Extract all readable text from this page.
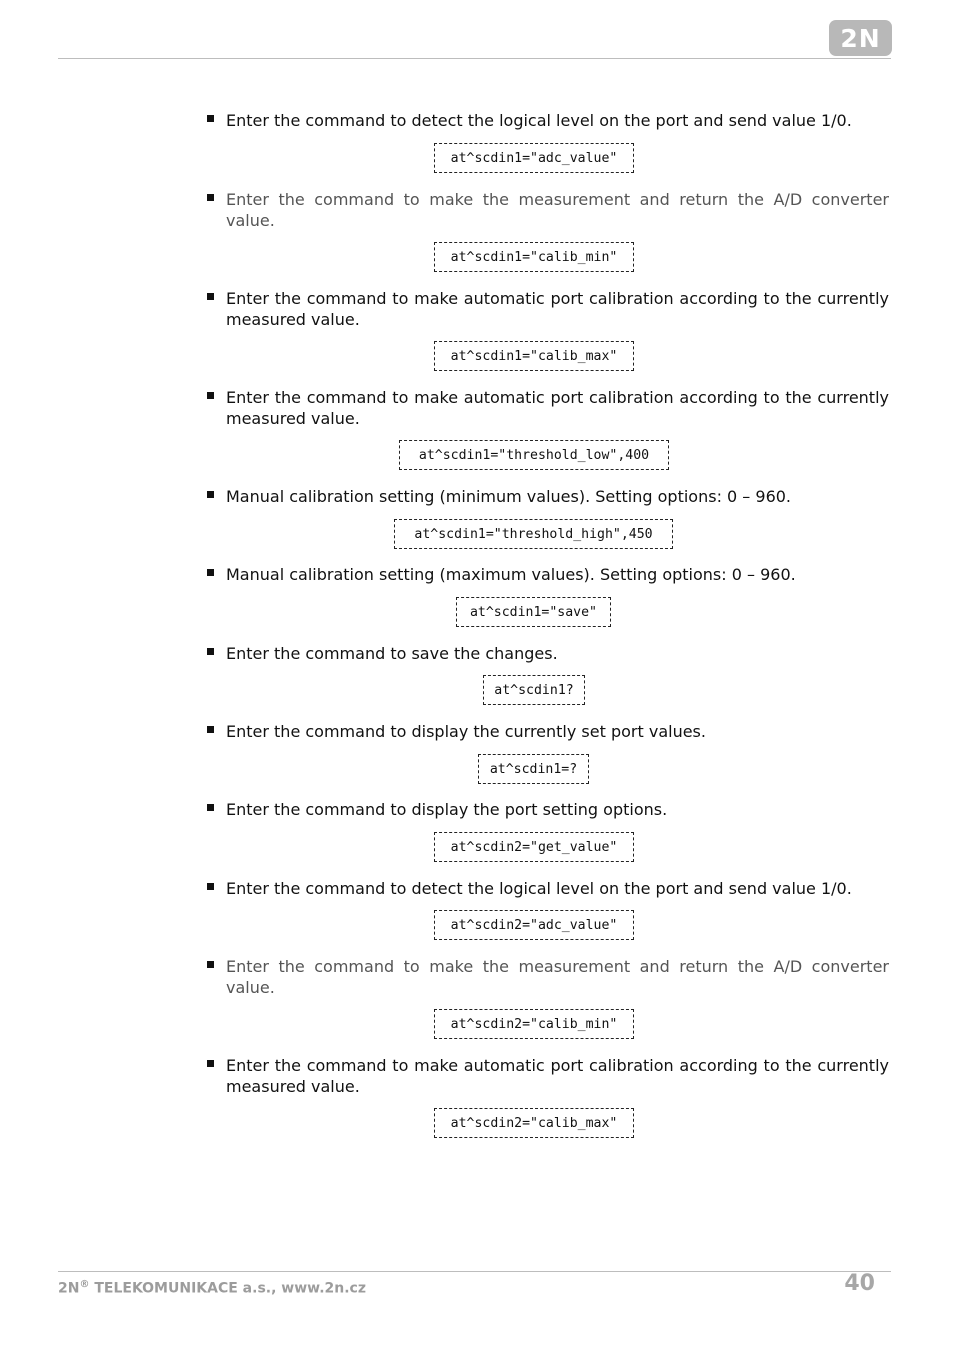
2N
Enter the command to detect the logical level on the port and send value 1/0.
at^scdin1="adc_value"
Enter the command to make the measurement and return the A/D converter value.
at^scdin1="calib_min"
Enter the command to make automatic port calibration according to the currently measured value.
at^scdin1="calib_max"
Enter the command to make automatic port calibration according to the currently measured value.
at^scdin1="threshold_low",400
Manual calibration setting (minimum values). Setting options: 0 – 960.
at^scdin1="threshold_high",450
Manual calibration setting (maximum values). Setting options: 0 – 960.
at^scdin1="save"
Enter the command to save the changes.
at^scdin1?
Enter the command to display the currently set port values.
at^scdin1=?
Enter the command to display the port setting options.
at^scdin2="get_value"
Enter the command to detect the logical level on the port and send value 1/0.
at^scdin2="adc_value"
Enter the command to make the measurement and return the A/D converter value.
at^scdin2="calib_min"
Enter the command to make automatic port calibration according to the currently measured value.
at^scdin2="calib_max"
2N® TELEKOMUNIKACE a.s., www.2n.cz	40
